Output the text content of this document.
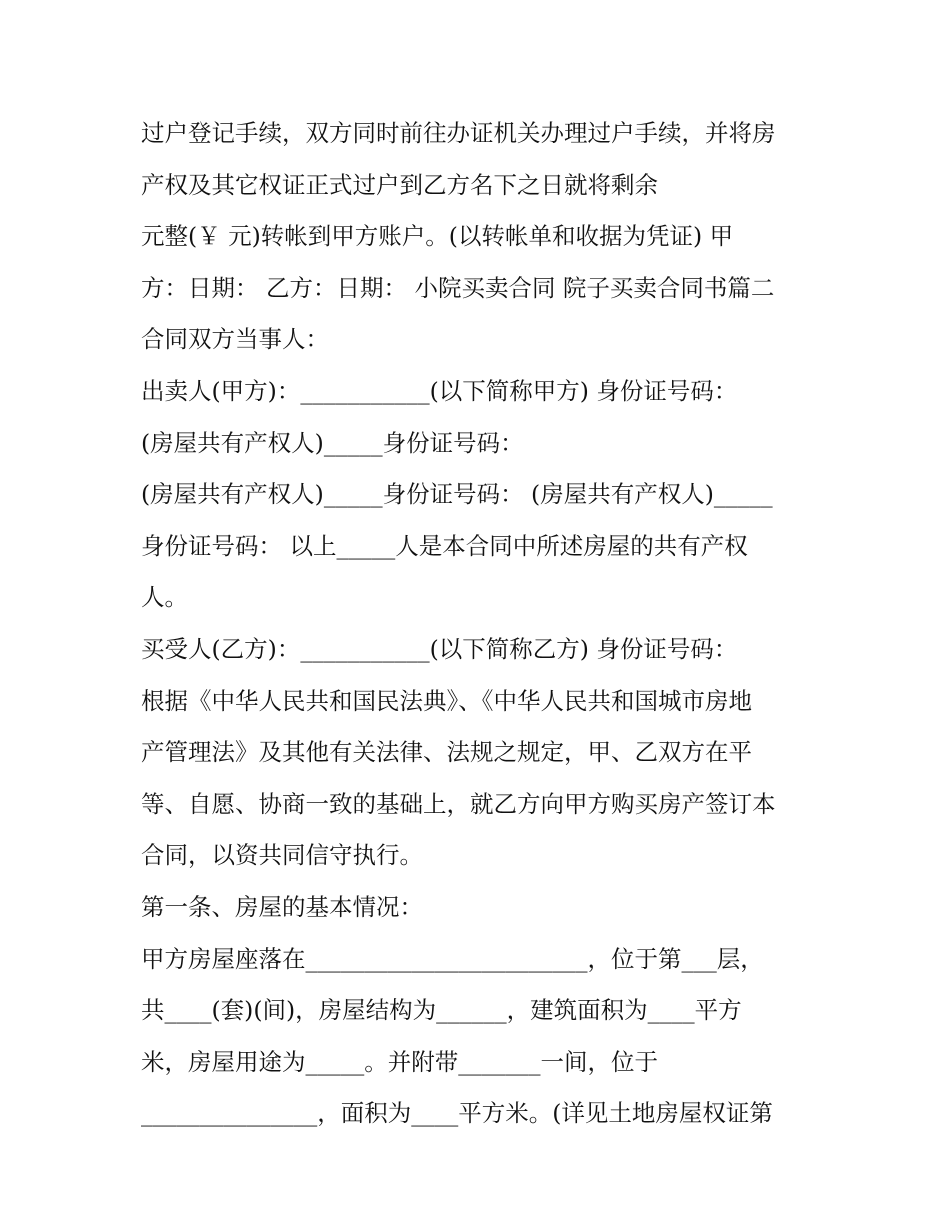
过户登记手续，双方同时前往办证机关办理过户手续，并将房
产权及其它权证正式过户到乙方名下之日就将剩余
元整(￥ 元)转帐到甲方账户。(以转帐单和收据为凭证) 甲
方：日期： 乙方：日期： 小院买卖合同 院子买卖合同书篇二
合同双方当事人：
出卖人(甲方)：___________(以下简称甲方) 身份证号码：
(房屋共有产权人)_____身份证号码：
(房屋共有产权人)_____身份证号码： (房屋共有产权人)_____
身份证号码： 以上_____人是本合同中所述房屋的共有产权
人。
买受人(乙方)：___________(以下简称乙方) 身份证号码：
根据《中华人民共和国民法典》、《中华人民共和国城市房地
产管理法》及其他有关法律、法规之规定，甲、乙双方在平
等、自愿、协商一致的基础上，就乙方向甲方购买房产签订本
合同，以资共同信守执行。
第一条、房屋的基本情况：
甲方房屋座落在________________________，位于第___层，
共____(套)(间)，房屋结构为______，建筑面积为____平方
米，房屋用途为_____。并附带_______一间，位于
_______________，面积为____平方米。(详见土地房屋权证第
